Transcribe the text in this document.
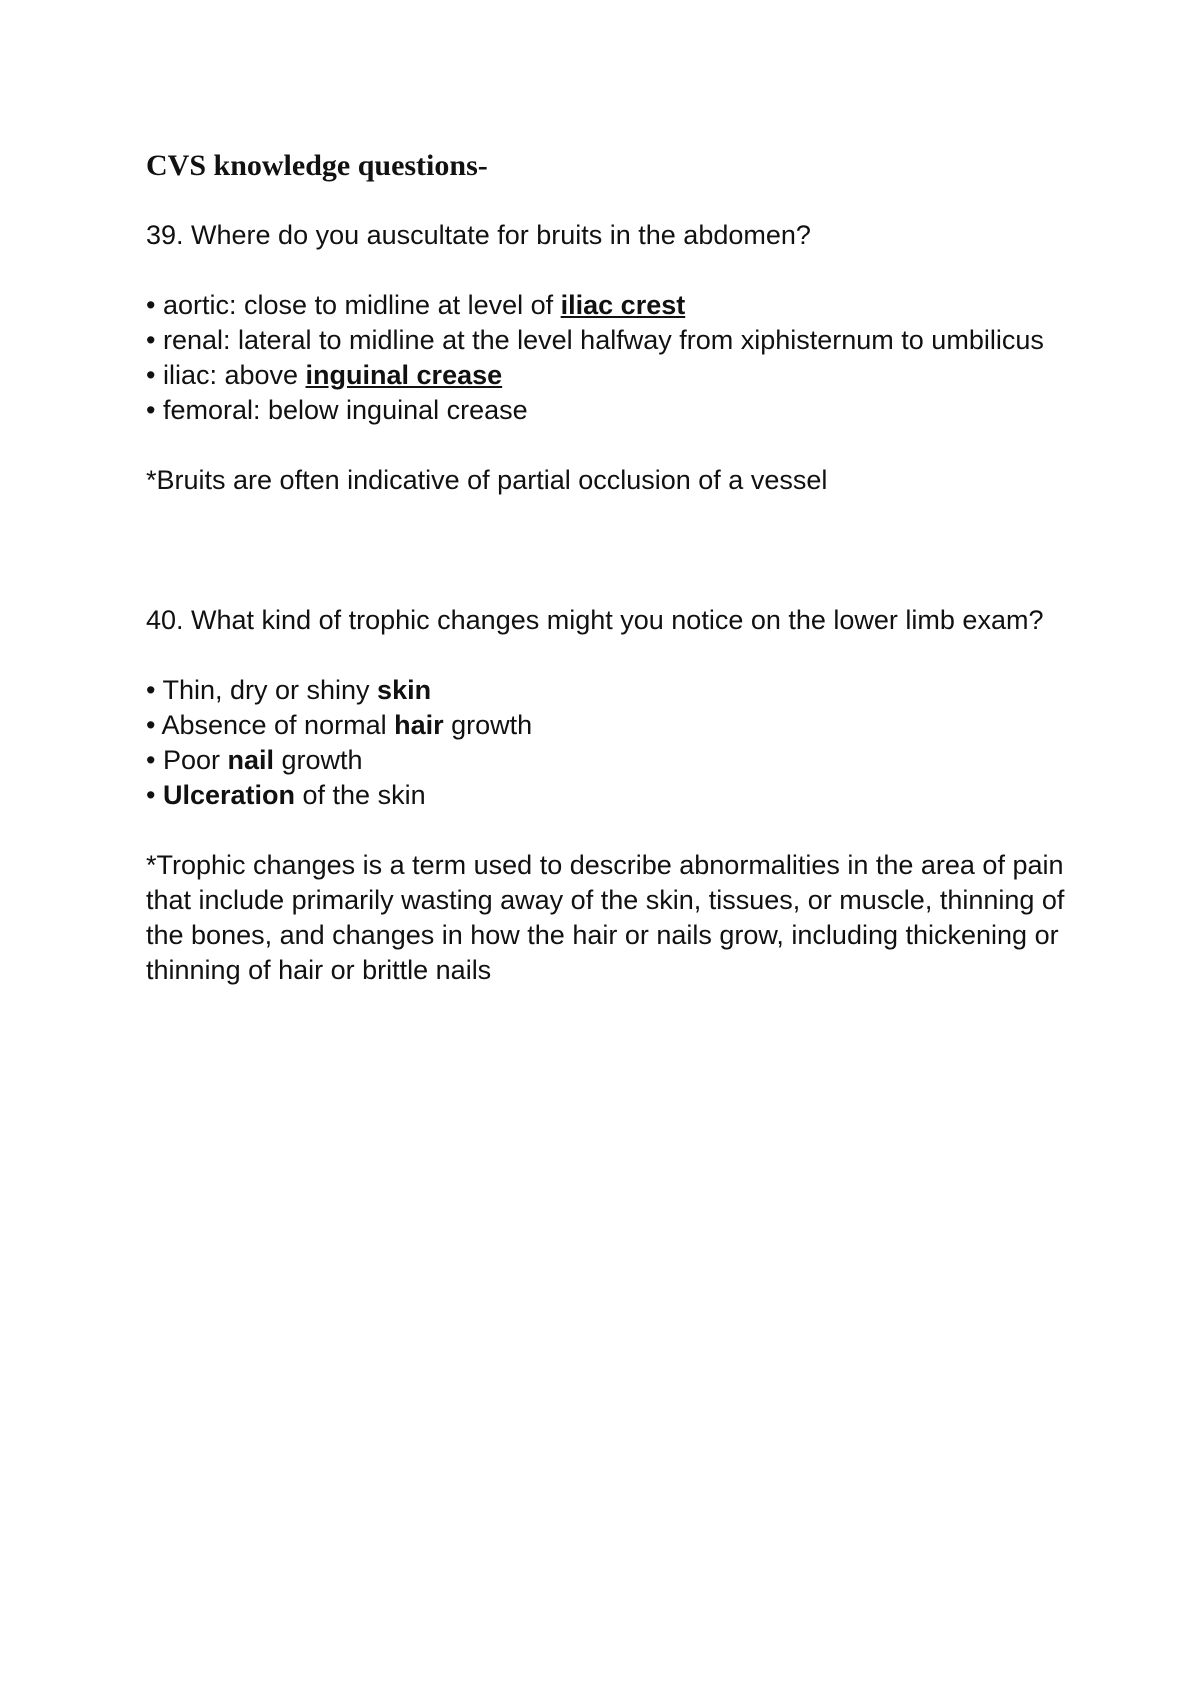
CVS knowledge questions-
39. Where do you auscultate for bruits in the abdomen?
• aortic: close to midline at level of iliac crest
• renal: lateral to midline at the level halfway from xiphisternum to umbilicus
• iliac: above inguinal crease
• femoral: below inguinal crease
*Bruits are often indicative of partial occlusion of a vessel
40. What kind of trophic changes might you notice on the lower limb exam?
• Thin, dry or shiny skin
• Absence of normal hair growth
• Poor nail growth
• Ulceration of the skin
*Trophic changes is a term used to describe abnormalities in the area of pain that include primarily wasting away of the skin, tissues, or muscle, thinning of the bones, and changes in how the hair or nails grow, including thickening or thinning of hair or brittle nails
